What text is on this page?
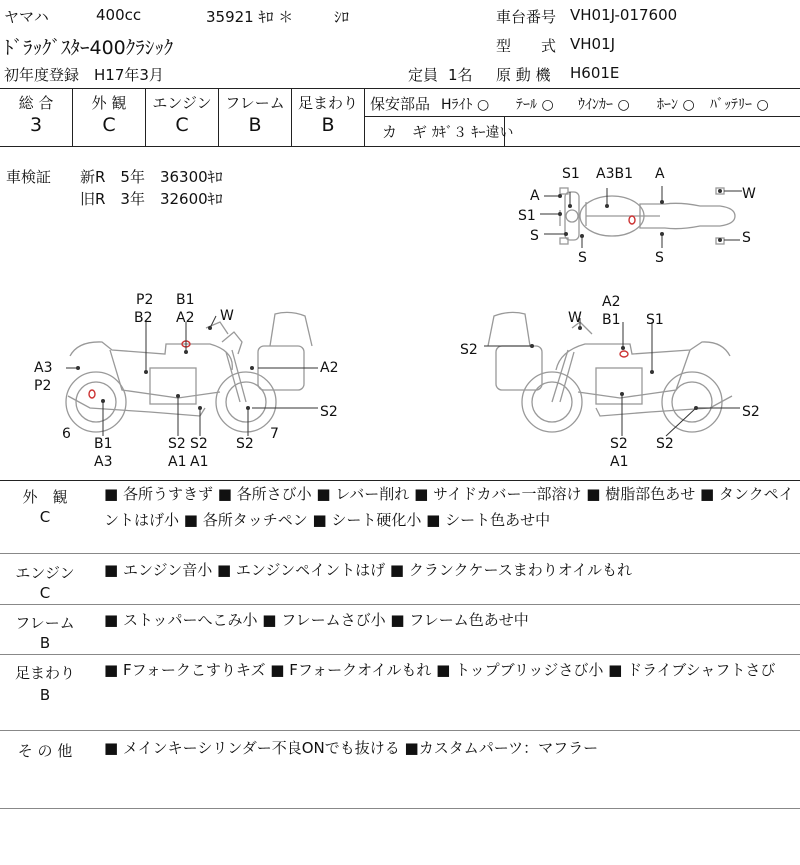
ヤマハ	400cc	35921 ｷﾛ ＊	ｼﾛ	車台番号 VH01J-017600
ﾄﾞﾗｯｸﾞｽﾀｰ400ｸﾗｼｯｸ	型　　式 VH01J
初年度登録 H17年3月	定員 1名 原 動 機 H601E
総 合	外 観	エンジン フレーム 足まわり
3	C	C	B	B
保安部品 Hﾗｲﾄ ○ ﾃｰﾙ ○ ｳｲﾝｶｰ ○ ﾎｰﾝ ○ ﾊﾞｯﾃﾘｰ ○
カ　ギ ｶｷﾞ３ ｷｰ違い
車検証 新R　5年　36300ｷﾛ
旧R　3年　32600ｷﾛ
S1 A3B1 A
A
S1
S
S	S
W
S
P2
B2
B1
A2 W
A3
P2
A2
S2
6
B1
A3
S2
A1
S2
A1
S2
7
A2
W B1 S1
S2
S2
S2
A1
S2
外　観
C
■ 各所うすきず ■ 各所さび小 ■ レバー削れ ■ サイドカバー一部溶け ■ 樹脂部色あせ ■ タンクペイントはげ小 ■ 各所タッチペン ■ シート硬化小 ■ シート色あせ中
エンジン
C
■ エンジン音小 ■ エンジンペイントはげ ■ クランクケースまわりオイルもれ
フレーム
B
■ ストッパーへこみ小 ■ フレームさび小 ■ フレーム色あせ中
足まわり
B
■ Fフォークこすりキズ ■ Fフォークオイルもれ ■ トップブリッジさび小 ■ ドライブシャフトさび
そ の 他	■ メインキーシリンダー不良ONでも抜ける ■カスタムパーツ：マフラー
